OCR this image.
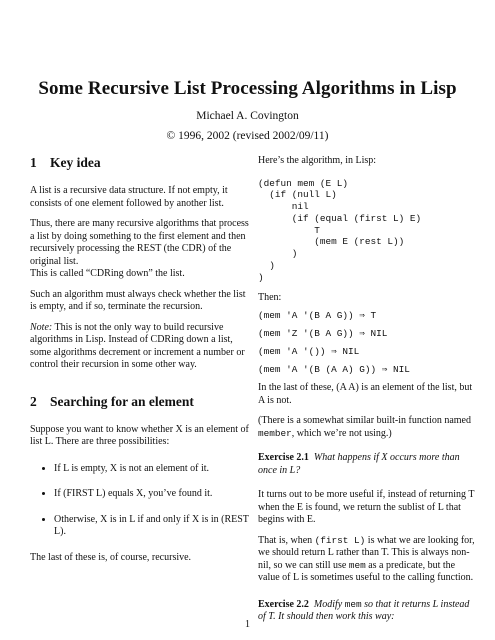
Some Recursive List Processing Algorithms in Lisp
Michael A. Covington
© 1996, 2002 (revised 2002/09/11)
1 Key idea

A list is a recursive data structure. If not empty, it consists of one element followed by another list.

Thus, there are many recursive algorithms that process a list by doing something to the first element and then recursively processing the REST (the CDR) of the original list.
This is called “CDRing down” the list.

Such an algorithm must always check whether the list is empty, and if so, terminate the recursion.

Note: This is not the only way to build recursive algorithms in Lisp. Instead of CDRing down a list, some algorithms decrement or increment a number or control their recursion in some other way.

2 Searching for an element

Suppose you want to know whether X is an element of list L. There are three possibilities:

• If L is empty, X is not an element of it.
• If (FIRST L) equals X, you’ve found it.
• Otherwise, X is in L if and only if X is in (REST L).

The last of these is, of course, recursive.

Here’s the algorithm, in Lisp:

(defun mem (E L)
(if (null L)
nil
(if (equal (first L) E)
T
(mem E (rest L))
)
)
)

Then:

(mem 'A '(B A G)) ⇒ T
(mem 'Z '(B A G)) ⇒ NIL
(mem 'A '()) ⇒ NIL
(mem 'A '(B (A A) G)) ⇒ NIL

In the last of these, (A A) is an element of the list, but A is not.

(There is a somewhat similar built-in function named member, which we’re not using.)

Exercise 2.1 What happens if X occurs more than once in L?

It turns out to be more useful if, instead of returning T when the E is found, we return the sublist of L that begins with E.

That is, when (first L) is what we are looking for, we should return L rather than T. This is always non-nil, so we can still use mem as a predicate, but the value of L is sometimes useful to the calling function.

Exercise 2.2 Modify mem so that it returns L instead of T. It should then work this way:

1
